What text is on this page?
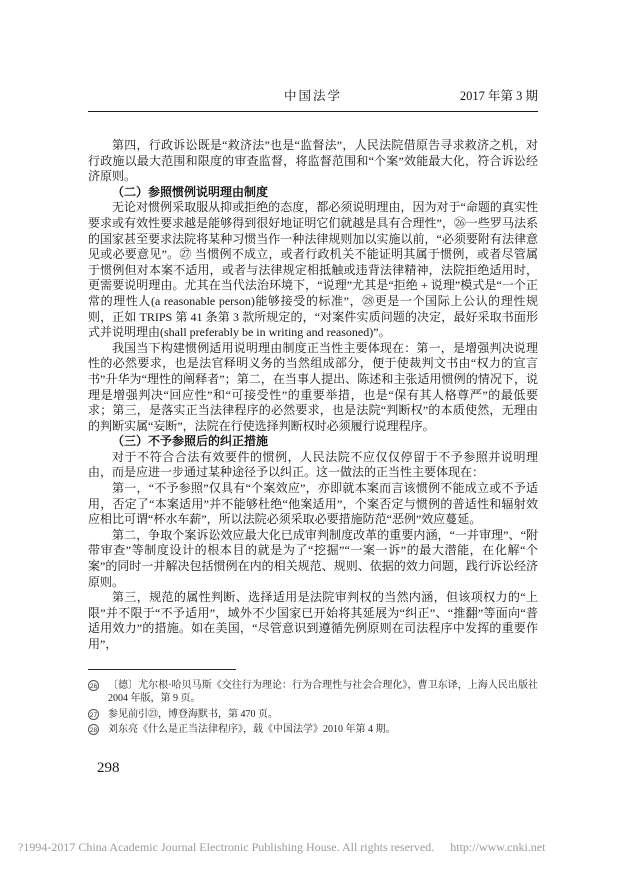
中国法学	2017 年第 3 期

第四，行政诉讼既是“救济法”也是“监督法”，人民法院借原告寻求救济之机，对行政施以最大范围和限度的审查监督，将监督范围和“个案”效能最大化，符合诉讼经济原则。

（二）参照惯例说明理由制度

无论对惯例采取服从抑或拒绝的态度，都必须说明理由，因为对于“命题的真实性要求或有效性要求越是能够得到很好地证明它们就越是具有合理性”，㉖一些罗马法系的国家甚至要求法院将某种习惯当作一种法律规则加以实施以前，“必须要附有法律意见或必要意见”。㉗ 当惯例不成立，或者行政机关不能证明其属于惯例，或者尽管属于惯例但对本案不适用，或者与法律规定相抵触或违背法律精神，法院拒绝适用时，更需要说明理由。尤其在当代法治环境下，“说理”尤其是“拒绝 + 说理”模式是“一个正常的理性人(a reasonable person)能够接受的标准”，㉘更是一个国际上公认的理性规则，正如 TRIPS 第 41 条第 3 款所规定的，“对案件实质问题的决定，最好采取书面形式并说明理由(shall preferably be in writing and reasoned)”。

我国当下构建惯例适用说明理由制度正当性主要体现在：第一，是增强判决说理性的必然要求，也是法官释明义务的当然组成部分，便于使裁判文书由“权力的宣言书”升华为“理性的阐释者”；第二，在当事人提出、陈述和主张适用惯例的情况下，说理是增强判决“回应性”和“可接受性”的重要举措，也是“保有其人格尊严”的最低要求；第三，是落实正当法律程序的必然要求，也是法院“判断权”的本质使然，无理由的判断实属“妄断”，法院在行使选择判断权时必须履行说理程序。

（三）不予参照后的纠正措施

对于不符合合法有效要件的惯例，人民法院不应仅仅停留于不予参照并说明理由，而是应进一步通过某种途径予以纠正。这一做法的正当性主要体现在：

第一，“不予参照”仅具有“个案效应”，亦即就本案而言该惯例不能成立或不予适用，否定了“本案适用”并不能够杜绝“他案适用”，个案否定与惯例的普适性和辐射效应相比可谓“杯水车薪”，所以法院必须采取必要措施防范“恶例”效应蔓延。

第二，争取个案诉讼效应最大化已成审判制度改革的重要内涵，“一并审理”、“附带审查”等制度设计的根本目的就是为了“挖掘”“一案一诉”的最大潜能，在化解“个案”的同时一并解决包括惯例在内的相关规范、规则、依据的效力问题，践行诉讼经济原则。

第三，规范的属性判断、选择适用是法院审判权的当然内涵，但该项权力的“上限”并不限于“不予适用”，域外不少国家已开始将其延展为“纠正”、“推翻”等面向“普适用效力”的措施。如在美国，“尽管意识到遵循先例原则在司法程序中发挥的重要作用”，

26 〔德〕尤尔根·哈贝马斯《交往行为理论：行为合理性与社会合理化》，曹卫东译，上海人民出版社 2004 年版，第 9 页。
27 参见前引㉓，博登海默书，第 470 页。
28 刘东亮《什么是正当法律程序》，载《中国法学》2010 年第 4 期。
298
?1994-2017 China Academic Journal Electronic Publishing House. All rights reserved. http://www.cnki.net
